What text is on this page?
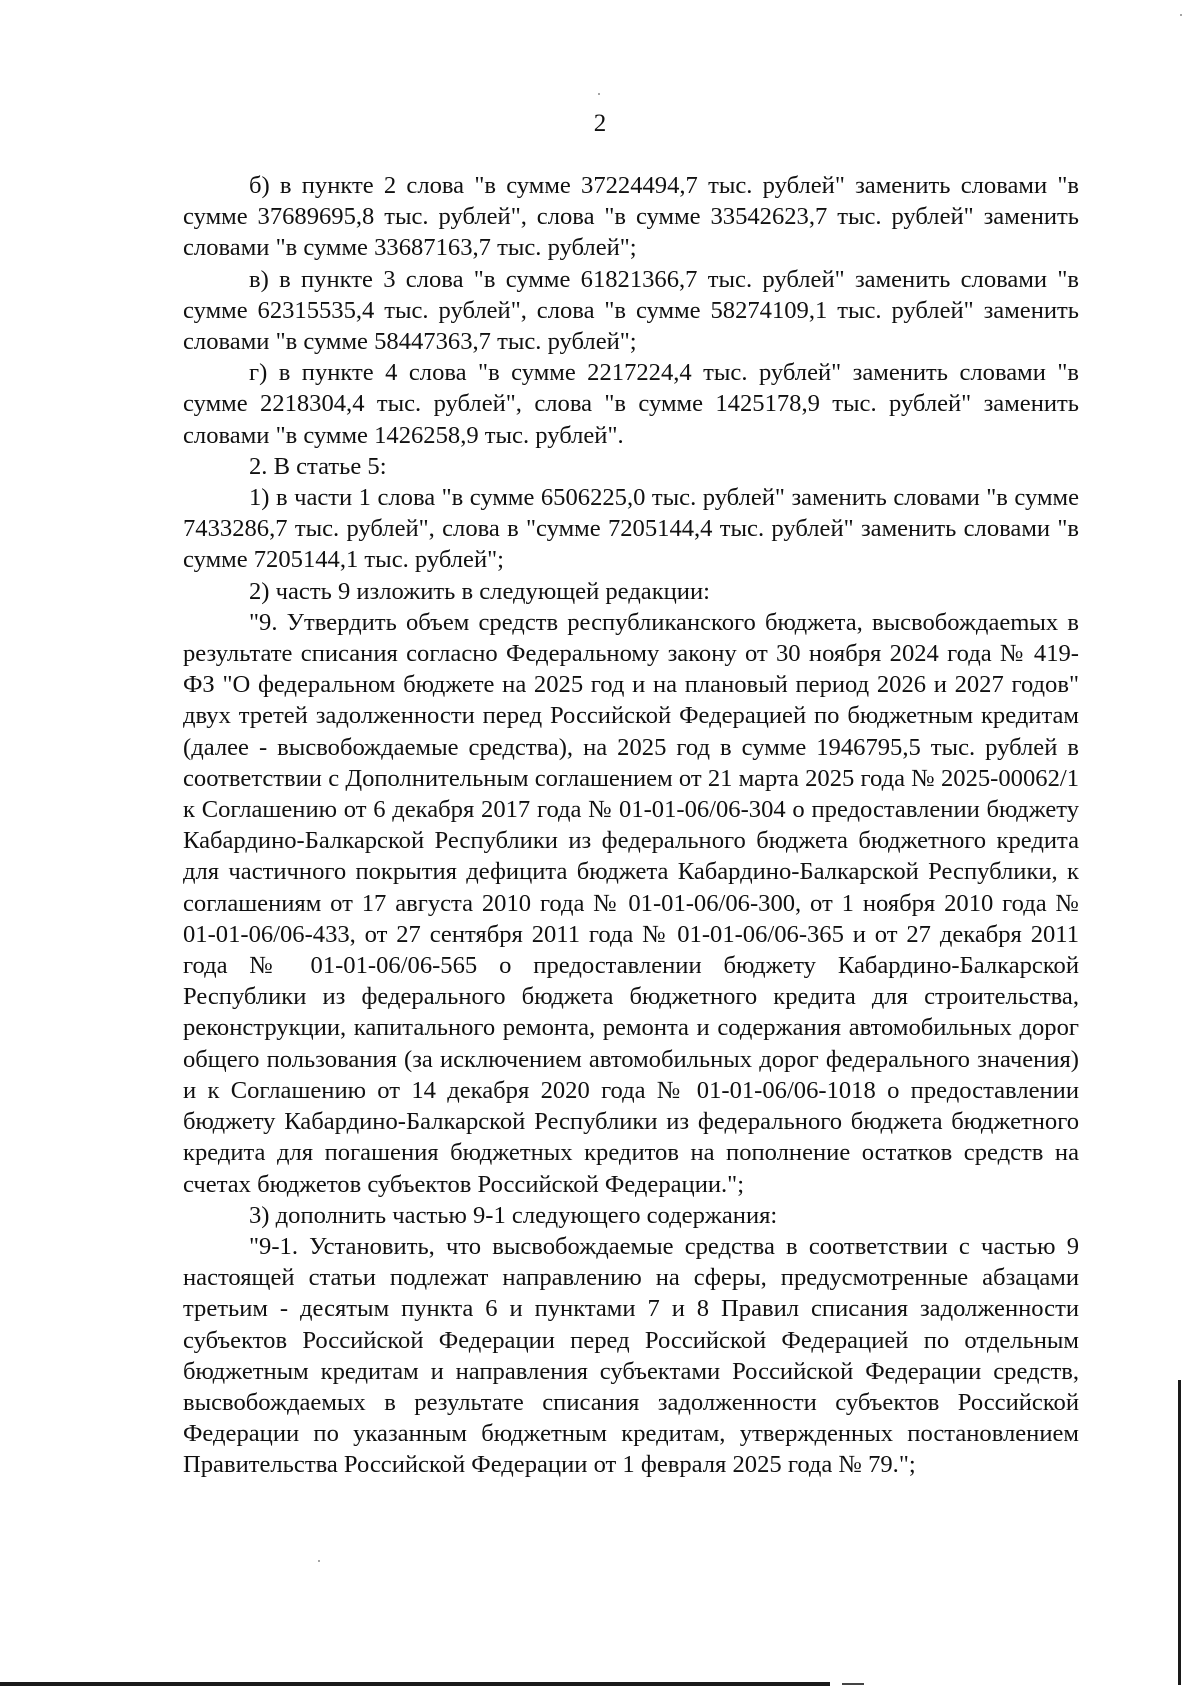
2

б) в пункте 2 слова "в сумме 37224494,7 тыс. рублей" заменить словами "в сумме 37689695,8 тыс. рублей", слова "в сумме 33542623,7 тыс. рублей" заменить словами "в сумме 33687163,7 тыс. рублей";

в) в пункте 3 слова "в сумме 61821366,7 тыс. рублей" заменить словами "в сумме 62315535,4 тыс. рублей", слова "в сумме 58274109,1 тыс. рублей" заменить словами "в сумме 58447363,7 тыс. рублей";

г) в пункте 4 слова "в сумме 2217224,4 тыс. рублей" заменить словами "в сумме 2218304,4 тыс. рублей", слова "в сумме 1425178,9 тыс. рублей" заменить словами "в сумме 1426258,9 тыс. рублей".

2. В статье 5:

1) в части 1 слова "в сумме 6506225,0 тыс. рублей" заменить словами "в сумме 7433286,7 тыс. рублей", слова в "сумме 7205144,4 тыс. рублей" заменить словами "в сумме 7205144,1 тыс. рублей";

2) часть 9 изложить в следующей редакции:

"9. Утвердить объем средств республиканского бюджета, высвобождаеmых в результате списания согласно Федеральному закону от 30 ноября 2024 года № 419-ФЗ "О федеральном бюджете на 2025 год и на плановый период 2026 и 2027 годов" двух третей задолженности перед Российской Федерацией по бюджетным кредитам (далее - высвобождаемые средства), на 2025 год в сумме 1946795,5 тыс. рублей в соответствии с Дополнительным соглашением от 21 марта 2025 года № 2025-00062/1 к Соглашению от 6 декабря 2017 года № 01-01-06/06-304 о предоставлении бюджету Кабардино-Балкарской Республики из федерального бюджета бюджетного кредита для частичного покрытия дефицита бюджета Кабардино-Балкарской Республики, к соглашениям от 17 августа 2010 года № 01-01-06/06-300, от 1 ноября 2010 года № 01-01-06/06-433, от 27 сентября 2011 года № 01-01-06/06-365 и от 27 декабря 2011 года № 01-01-06/06-565 о предоставлении бюджету Кабардино-Балкарской Республики из федерального бюджета бюджетного кредита для строительства, реконструкции, капитального ремонта, ремонта и содержания автомобильных дорог общего пользования (за исключением автомобильных дорог федерального значения) и к Соглашению от 14 декабря 2020 года № 01-01-06/06-1018 о предоставлении бюджету Кабардино-Балкарской Республики из федерального бюджета бюджетного кредита для погашения бюджетных кредитов на пополнение остатков средств на счетах бюджетов субъектов Российской Федерации.";

3) дополнить частью 9-1 следующего содержания:

"9-1. Установить, что высвобождаемые средства в соответствии с частью 9 настоящей статьи подлежат направлению на сферы, предусмотренные абзацами третьим - десятым пункта 6 и пунктами 7 и 8 Правил списания задолженности субъектов Российской Федерации перед Российской Федерацией по отдельным бюджетным кредитам и направления субъектами Российской Федерации средств, высвобождаемых в результате списания задолженности субъектов Российской Федерации по указанным бюджетным кредитам, утвержденных постановлением Правительства Российской Федерации от 1 февраля 2025 года № 79.";
